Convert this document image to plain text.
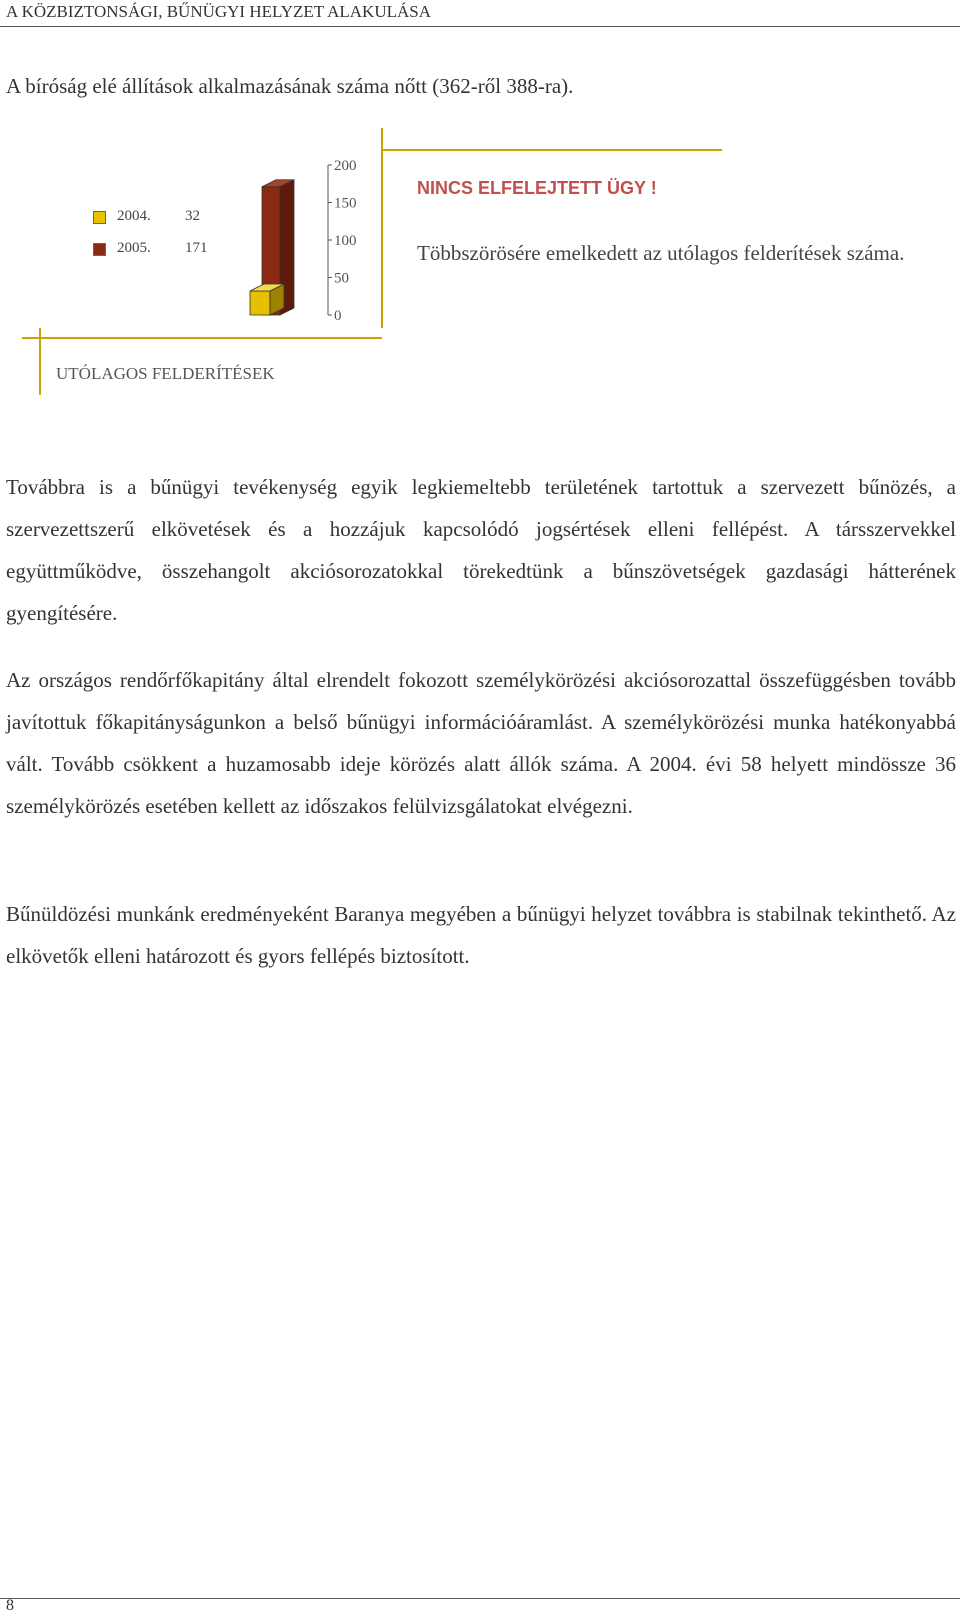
A KÖZBIZTONSÁGI, BŰNÜGYI HELYZET ALAKULÁSA
A bíróság elé állítások alkalmazásának száma nőtt (362-ről 388-ra).
200
150
100
50
0
2004. 32
2005. 171
NINCS ELFELEJTETT ÜGY !
Többszörösére emelkedett az utólagos felderítések száma.
UTÓLAGOS FELDERÍTÉSEK
Továbbra is a bűnügyi tevékenység egyik legkiemeltebb területének tartottuk a szervezett bűnözés, a szervezettszerű elkövetések és a hozzájuk kapcsolódó jogsértések elleni fellépést. A társszervekkel együttműködve, összehangolt akciósorozatokkal törekedtünk a bűnszövetségek gazdasági hátterének gyengítésére.
Az országos rendőrfőkapitány által elrendelt fokozott személykörözési akciósorozattal összefüggésben tovább javítottuk főkapitányságunkon a belső bűnügyi információáramlást. A személykörözési munka hatékonyabbá vált. Tovább csökkent a huzamosabb ideje körözés alatt állók száma. A 2004. évi 58 helyett mindössze 36 személykörözés esetében kellett az időszakos felülvizsgálatokat elvégezni.
Bűnüldözési munkánk eredményeként Baranya megyében a bűnügyi helyzet továbbra is stabilnak tekinthető. Az elkövetők elleni határozott és gyors fellépés biztosított.
8
